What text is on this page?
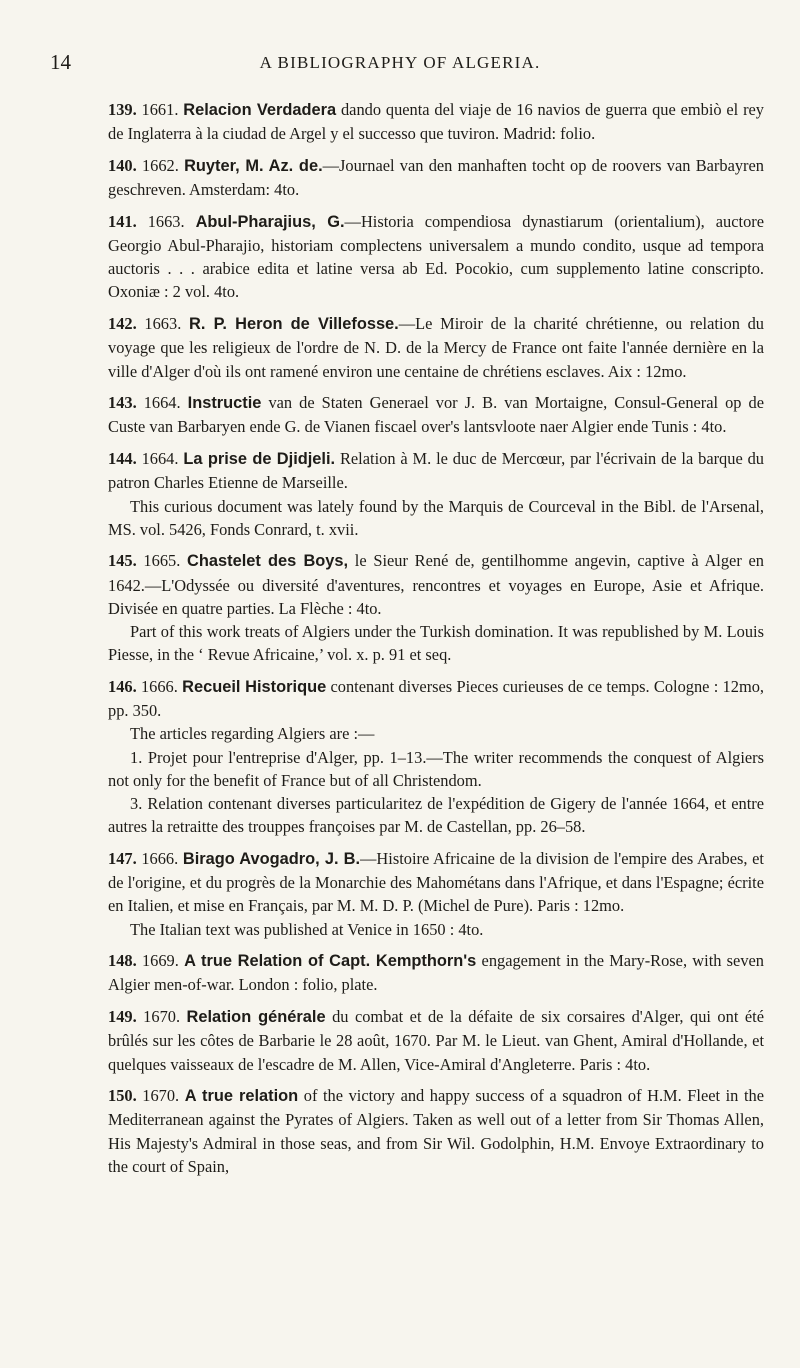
14	A BIBLIOGRAPHY OF ALGERIA.

139. 1661. Relacion Verdadera dando quenta del viaje de 16 navios de guerra que embiò el rey de Inglaterra à la ciudad de Argel y el successo que tuviron. Madrid: folio.

140. 1662. Ruyter, M. Az. de.—Journael van den manhaften tocht op de roovers van Barbayren geschreven. Amsterdam: 4to.

141. 1663. Abul-Pharajius, G.—Historia compendiosa dynastiarum (orientalium), auctore Georgio Abul-Pharajio, historiam complectens universalem a mundo condito, usque ad tempora auctoris . . . arabice edita et latine versa ab Ed. Pocokio, cum supplemento latine conscripto. Oxoniæ : 2 vol. 4to.

142. 1663. R. P. Heron de Villefosse.—Le Miroir de la charité chrétienne, ou relation du voyage que les religieux de l'ordre de N. D. de la Mercy de France ont faite l'année dernière en la ville d'Alger d'où ils ont ramené environ une centaine de chrétiens esclaves. Aix : 12mo.

143. 1664. Instructie van de Staten Generael vor J. B. van Mortaigne, Consul-General op de Custe van Barbaryen ende G. de Vianen fiscael over's lantsvloote naer Algier ende Tunis : 4to.

144. 1664. La prise de Djidjeli. Relation à M. le duc de Mercœur, par l'écrivain de la barque du patron Charles Etienne de Marseille.

This curious document was lately found by the Marquis de Courceval in the Bibl. de l'Arsenal, MS. vol. 5426, Fonds Conrard, t. xvii.

145. 1665. Chastelet des Boys, le Sieur René de, gentilhomme angevin, captive à Alger en 1642.—L'Odyssée ou diversité d'aventures, rencontres et voyages en Europe, Asie et Afrique. Divisée en quatre parties. La Flèche : 4to.

Part of this work treats of Algiers under the Turkish domination. It was republished by M. Louis Piesse, in the ‘ Revue Africaine,’ vol. x. p. 91 et seq.

146. 1666. Recueil Historique contenant diverses Pieces curieuses de ce temps. Cologne : 12mo, pp. 350.

The articles regarding Algiers are :—

1. Projet pour l'entreprise d'Alger, pp. 1–13.—The writer recommends the conquest of Algiers not only for the benefit of France but of all Christendom.

3. Relation contenant diverses particularitez de l'expédition de Gigery de l'année 1664, et entre autres la retraitte des trouppes françoises par M. de Castellan, pp. 26–58.

147. 1666. Birago Avogadro, J. B.—Histoire Africaine de la division de l'empire des Arabes, et de l'origine, et du progrès de la Monarchie des Mahométans dans l'Afrique, et dans l'Espagne; écrite en Italien, et mise en Français, par M. M. D. P. (Michel de Pure). Paris : 12mo.

The Italian text was published at Venice in 1650 : 4to.

148. 1669. A true Relation of Capt. Kempthorn's engagement in the Mary-Rose, with seven Algier men-of-war. London : folio, plate.

149. 1670. Relation générale du combat et de la défaite de six corsaires d'Alger, qui ont été brûlés sur les côtes de Barbarie le 28 août, 1670. Par M. le Lieut. van Ghent, Amiral d'Hollande, et quelques vaisseaux de l'escadre de M. Allen, Vice-Amiral d'Angleterre. Paris : 4to.

150. 1670. A true relation of the victory and happy success of a squadron of H.M. Fleet in the Mediterranean against the Pyrates of Algiers. Taken as well out of a letter from Sir Thomas Allen, His Majesty's Admiral in those seas, and from Sir Wil. Godolphin, H.M. Envoye Extraordinary to the court of Spain,
